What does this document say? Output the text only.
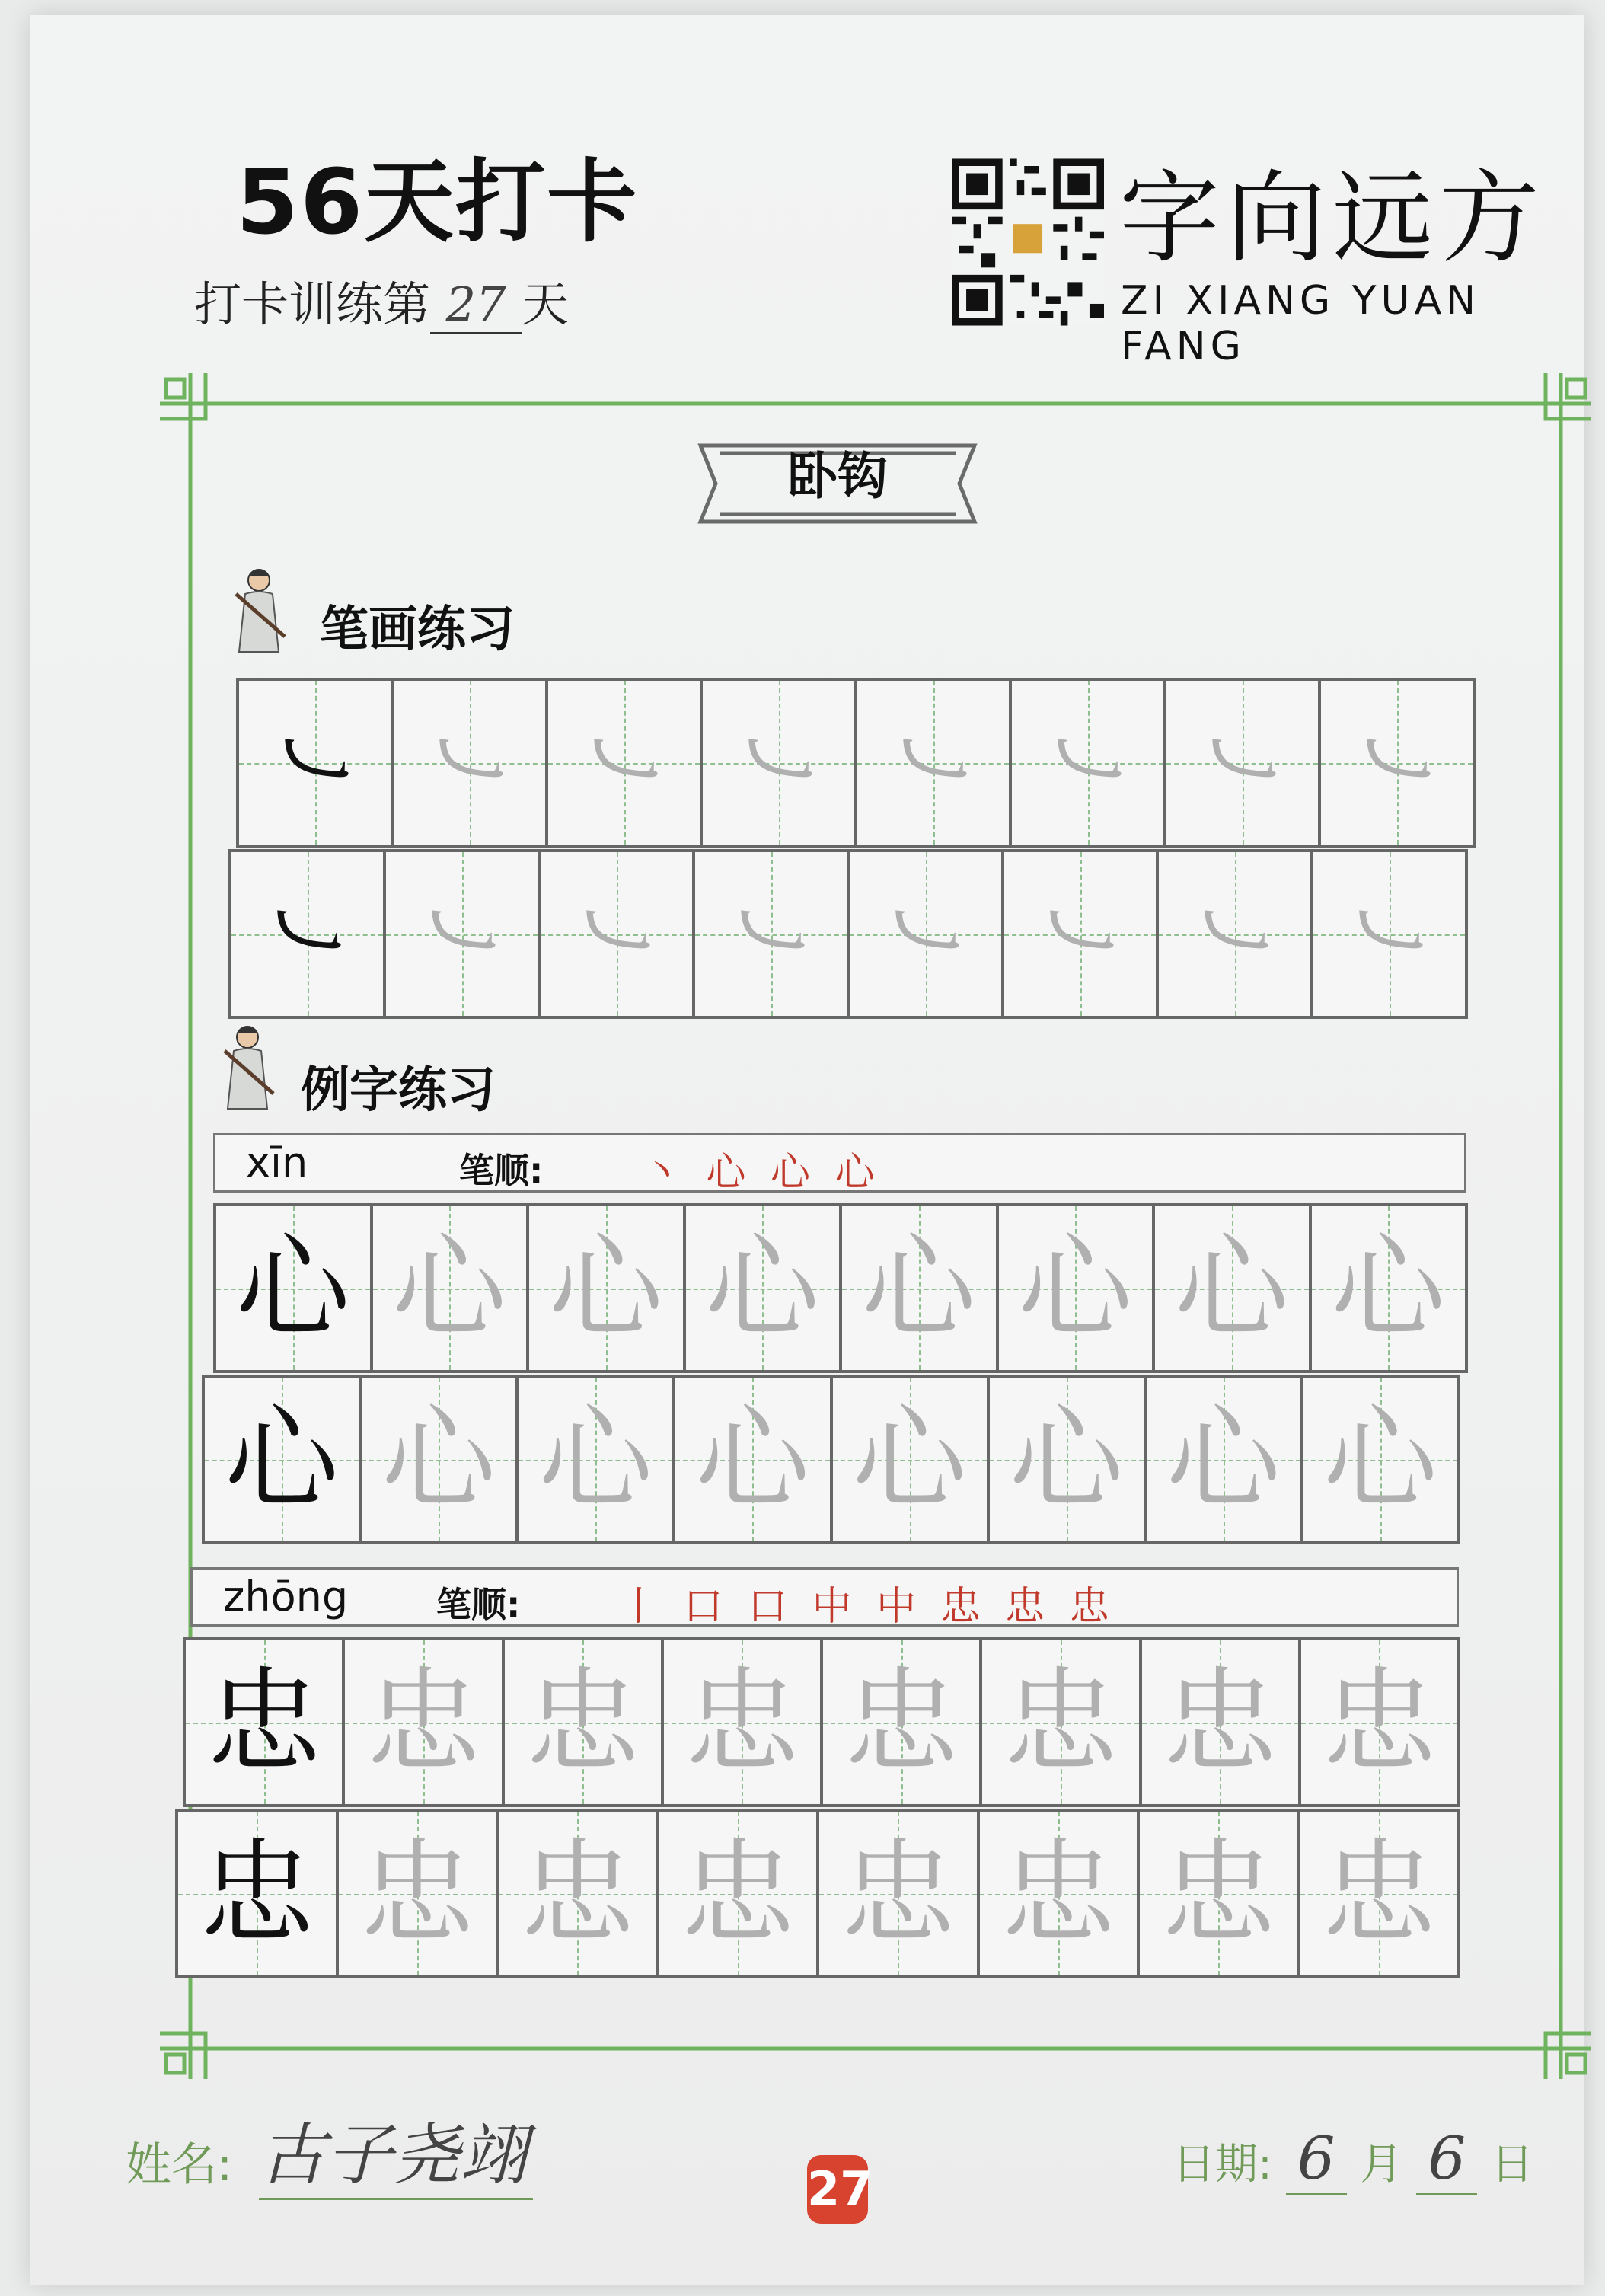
56天打卡
打卡训练第 27 天
字向远方
ZI XIANG YUAN FANG
卧钩
笔画练习
㇃ ㇃ ㇃ ㇃ ㇃ ㇃ ㇃ ㇃
㇃ ㇃ ㇃ ㇃ ㇃ ㇃ ㇃ ㇃
例字练习
xīn	笔顺: 丶 心 心 心
心 心 心 心 心 心 心 心
心 心 心 心 心 心 心 心
zhōng	笔顺: 丨 口 口 中 中 忠 忠 忠
忠 忠 忠 忠 忠 忠 忠 忠
忠 忠 忠 忠 忠 忠 忠 忠
姓名: 古子尧翊	27	日期: 6 月 6 日
